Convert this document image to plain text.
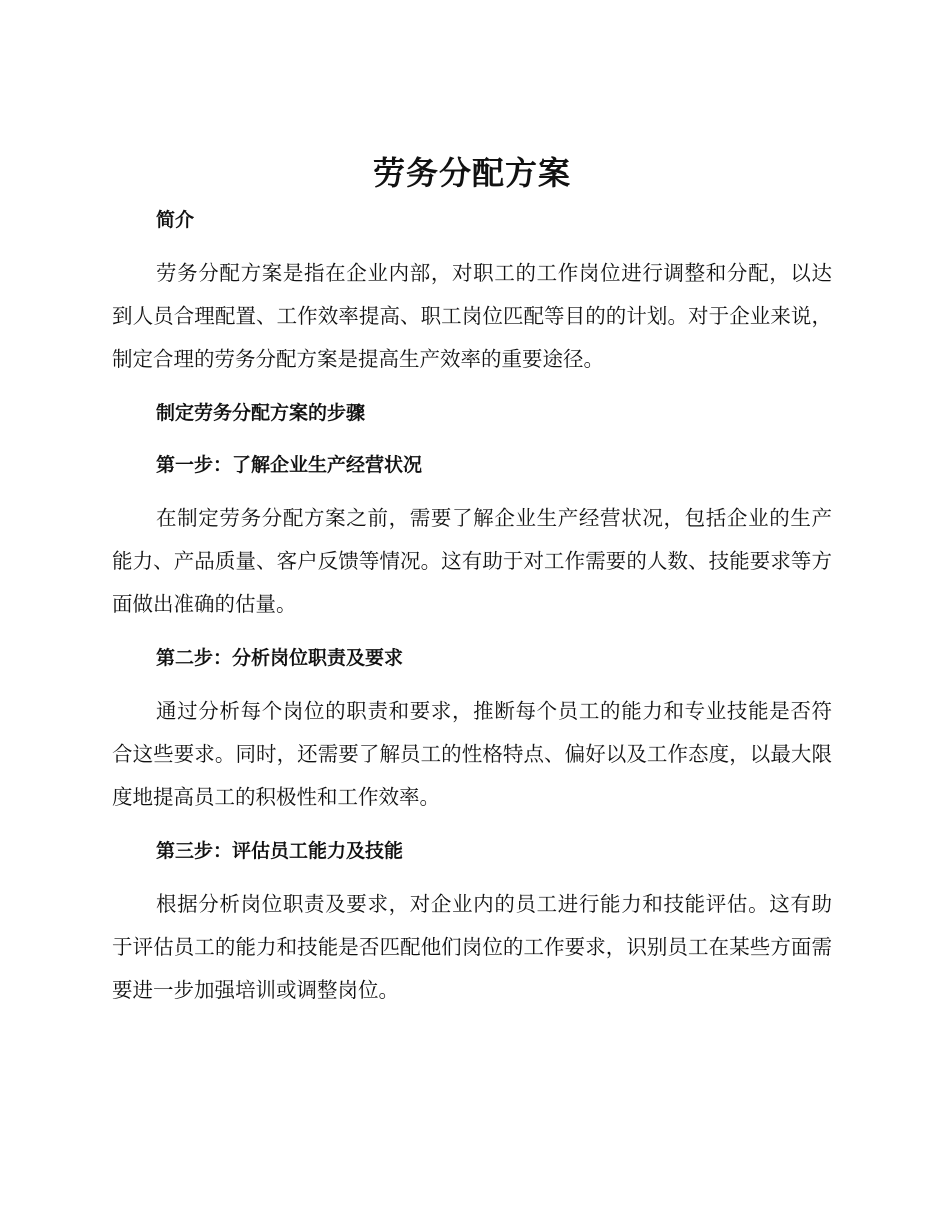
劳务分配方案
简介

劳务分配方案是指在企业内部，对职工的工作岗位进行调整和分配，以达到人员合理配置、工作效率提高、职工岗位匹配等目的的计划。对于企业来说，制定合理的劳务分配方案是提高生产效率的重要途径。

制定劳务分配方案的步骤
第一步：了解企业生产经营状况

在制定劳务分配方案之前，需要了解企业生产经营状况，包括企业的生产能力、产品质量、客户反馈等情况。这有助于对工作需要的人数、技能要求等方面做出准确的估量。

第二步：分析岗位职责及要求

通过分析每个岗位的职责和要求，推断每个员工的能力和专业技能是否符合这些要求。同时，还需要了解员工的性格特点、偏好以及工作态度，以最大限度地提高员工的积极性和工作效率。

第三步：评估员工能力及技能

根据分析岗位职责及要求，对企业内的员工进行能力和技能评估。这有助于评估员工的能力和技能是否匹配他们岗位的工作要求，识别员工在某些方面需要进一步加强培训或调整岗位。
